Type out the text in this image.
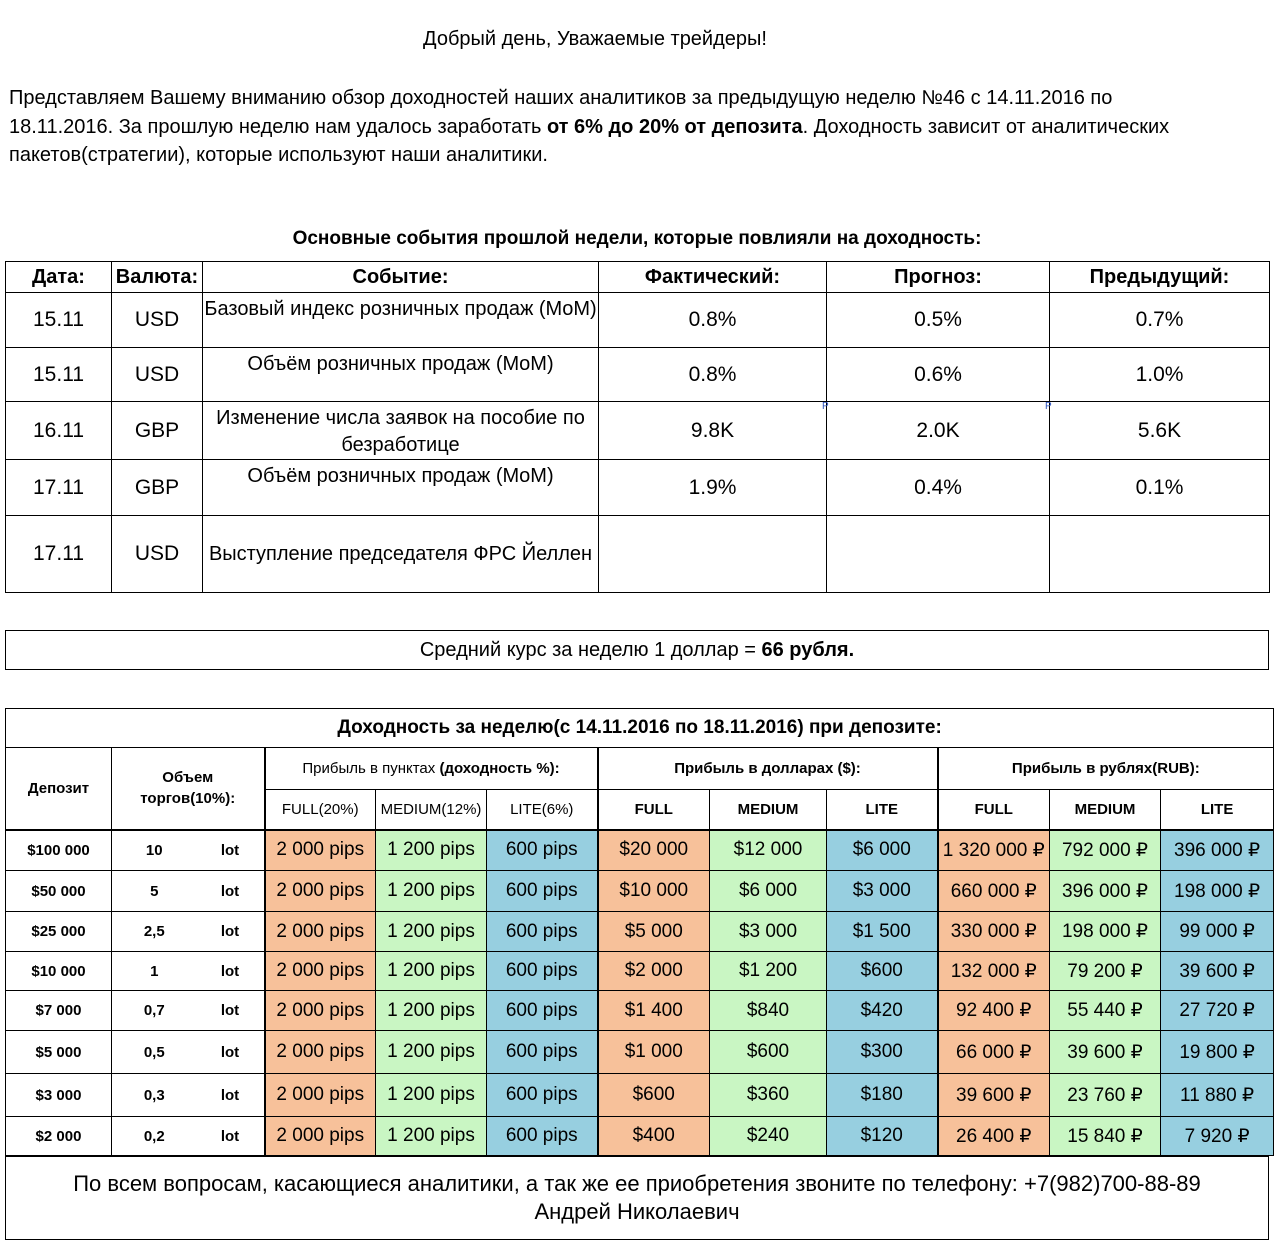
Добрый день, Уважаемые трейдеры!
Представляем Вашему вниманию обзор доходностей наших аналитиков за предыдущую неделю №46 с 14.11.2016 по
18.11.2016. За прошлую неделю нам удалось заработать от 6% до 20% от депозита. Доходность зависит от аналитических
пакетов(стратегии), которые используют наши аналитики.
Основные события прошлой недели, которые повлияли на доходность:
Дата:	Валюта:	Событие:	Фактический:	Прогноз:	Предыдущий:
15.11	USD	Базовый индекс розничных продаж (MoM)	0.8%	0.5%	0.7%
15.11	USD	Объём розничных продаж (MoM)	0.8%	0.6%	1.0%
16.11	GBP	Изменение числа заявок на пособие по безработице	9.8K	2.0K	5.6K
17.11	GBP	Объём розничных продаж (MoM)	1.9%	0.4%	0.1%
17.11	USD	Выступление председателя ФРС Йеллен			
P	P
Средний курс за неделю 1 доллар = 66 рубля.
Доходность за неделю(с 14.11.2016 по 18.11.2016) при депозите:											
Депозит	Объем торгов(10%):		Прибыль в пунктах (доходность %):			Прибыль в долларах ($):			Прибыль в рублях(RUB):		
			FULL(20%)	MEDIUM(12%)	LITE(6%)	FULL	MEDIUM	LITE	FULL	MEDIUM	LITE
$100 000	10	lot	2 000 pips	1 200 pips	600 pips	$20 000	$12 000	$6 000	1 320 000 ₽	792 000 ₽	396 000 ₽
$50 000	5	lot	2 000 pips	1 200 pips	600 pips	$10 000	$6 000	$3 000	660 000 ₽	396 000 ₽	198 000 ₽
$25 000	2,5	lot	2 000 pips	1 200 pips	600 pips	$5 000	$3 000	$1 500	330 000 ₽	198 000 ₽	99 000 ₽
$10 000	1	lot	2 000 pips	1 200 pips	600 pips	$2 000	$1 200	$600	132 000 ₽	79 200 ₽	39 600 ₽
$7 000	0,7	lot	2 000 pips	1 200 pips	600 pips	$1 400	$840	$420	92 400 ₽	55 440 ₽	27 720 ₽
$5 000	0,5	lot	2 000 pips	1 200 pips	600 pips	$1 000	$600	$300	66 000 ₽	39 600 ₽	19 800 ₽
$3 000	0,3	lot	2 000 pips	1 200 pips	600 pips	$600	$360	$180	39 600 ₽	23 760 ₽	11 880 ₽
$2 000	0,2	lot	2 000 pips	1 200 pips	600 pips	$400	$240	$120	26 400 ₽	15 840 ₽	7 920 ₽
По всем вопросам, касающиеся аналитики, а так же ее приобретения звоните по телефону: +7(982)700-88-89
Андрей Николаевич
